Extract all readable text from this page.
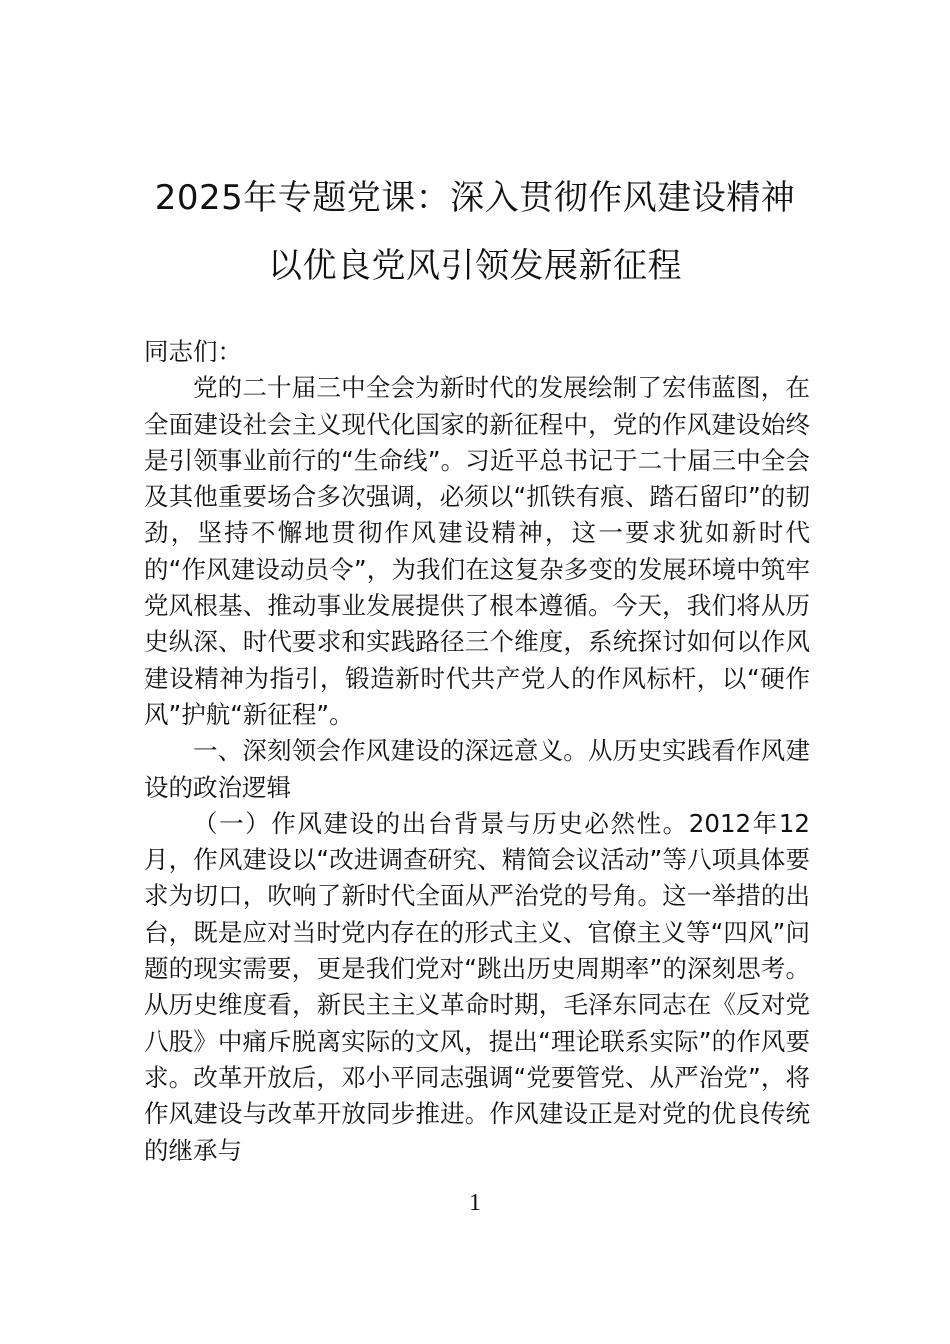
2025年专题党课：深入贯彻作风建设精神
以优良党风引领发展新征程

同志们：

党的二十届三中全会为新时代的发展绘制了宏伟蓝图，在全面建设社会主义现代化国家的新征程中，党的作风建设始终是引领事业前行的“生命线”。习近平总书记于二十届三中全会及其他重要场合多次强调，必须以“抓铁有痕、踏石留印”的韧劲，坚持不懈地贯彻作风建设精神，这一要求犹如新时代的“作风建设动员令”，为我们在这复杂多变的发展环境中筑牢党风根基、推动事业发展提供了根本遵循。今天，我们将从历史纵深、时代要求和实践路径三个维度，系统探讨如何以作风建设精神为指引，锻造新时代共产党人的作风标杆，以“硬作风”护航“新征程”。

一、深刻领会作风建设的深远意义。从历史实践看作风建设的政治逻辑

（一）作风建设的出台背景与历史必然性。2012年12月，作风建设以“改进调查研究、精简会议活动”等八项具体要求为切口，吹响了新时代全面从严治党的号角。这一举措的出台，既是应对当时党内存在的形式主义、官僚主义等“四风”问题的现实需要，更是我们党对“跳出历史周期率”的深刻思考。从历史维度看，新民主主义革命时期，毛泽东同志在《反对党八股》中痛斥脱离实际的文风，提出“理论联系实际”的作风要求。改革开放后，邓小平同志强调“党要管党、从严治党”，将作风建设与改革开放同步推进。作风建设正是对党的优良传统的继承与

1
